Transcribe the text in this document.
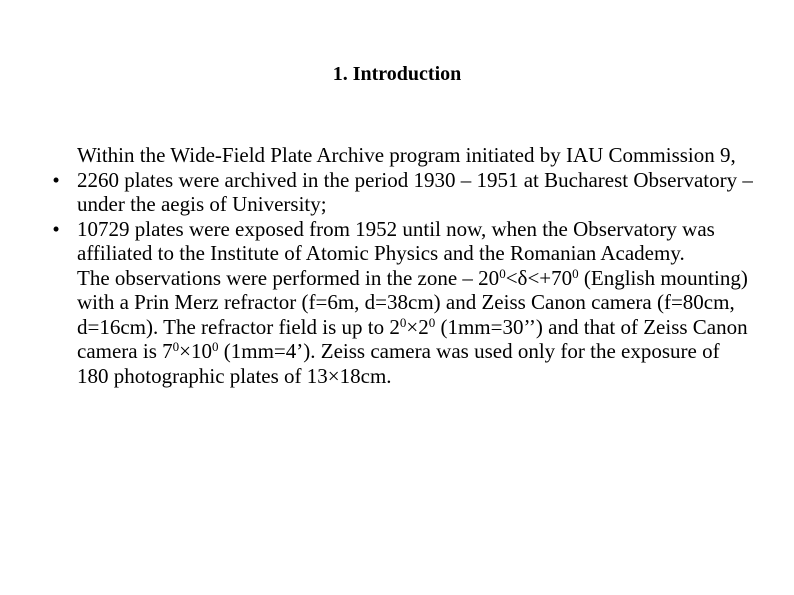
1. Introduction
Within the Wide-Field Plate Archive program initiated by IAU Commission 9,
• 2260 plates were archived in the period 1930 – 1951 at Bucharest Observatory – under the aegis of University;
• 10729 plates were exposed from 1952 until now, when the Observatory was affiliated to the Institute of Atomic Physics and the Romanian Academy.
The observations were performed in the zone – $20^0<\delta<+70^0$ (English mounting) with a Prin Merz refractor (f=6m, d=38cm) and Zeiss Canon camera (f=80cm, d=16cm). The refractor field is up to $2^0\times 2^0$ (1mm=30’’) and that of Zeiss Canon camera is $7^0\times 10^0$ (1mm=4’). Zeiss camera was used only for the exposure of 180 photographic plates of 13×18cm.
